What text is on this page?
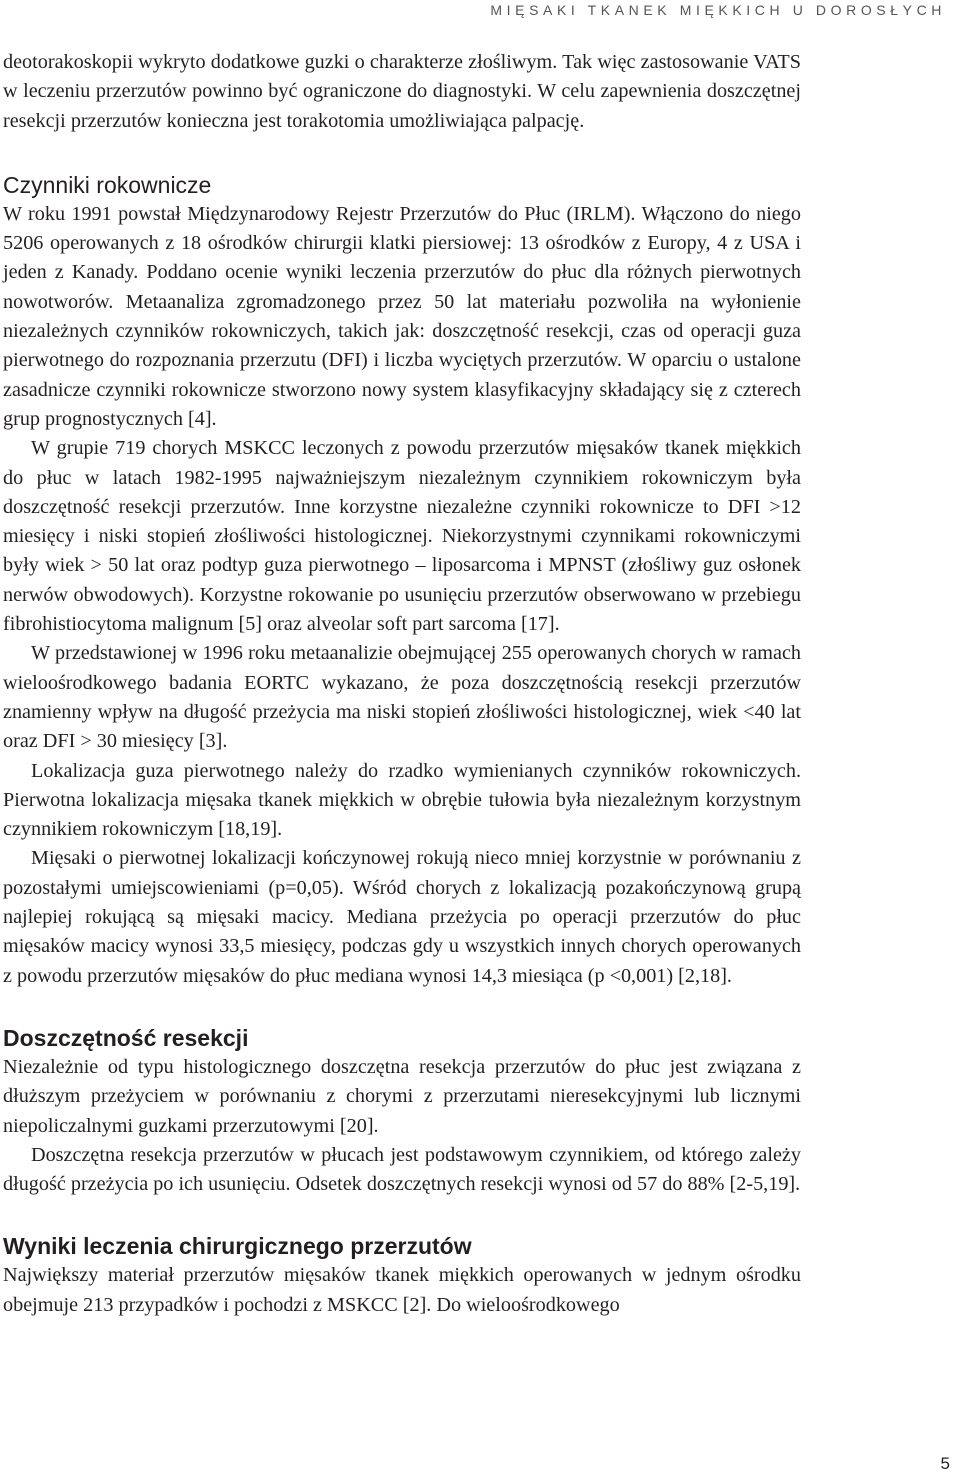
MIĘSAKI TKANEK MIĘKKICH U DOROSŁYCH

deotorakoskopii wykryto dodatkowe guzki o charakterze złośliwym. Tak więc zastosowanie VATS w leczeniu przerzutów powinno być ograniczone do diagnostyki. W celu zapewnienia doszczętnej resekcji przerzutów konieczna jest torakotomia umożliwiająca palpację.

Czynniki rokownicze

W roku 1991 powstał Międzynarodowy Rejestr Przerzutów do Płuc (IRLM). Włączono do niego 5206 operowanych z 18 ośrodków chirurgii klatki piersiowej: 13 ośrodków z Europy, 4 z USA i jeden z Kanady. Poddano ocenie wyniki leczenia przerzutów do płuc dla różnych pierwotnych nowotworów. Metaanaliza zgromadzonego przez 50 lat materiału pozwoliła na wyłonienie niezależnych czynników rokowniczych, takich jak: doszczętność resekcji, czas od operacji guza pierwotnego do rozpoznania przerzutu (DFI) i liczba wyciętych przerzutów. W oparciu o ustalone zasadnicze czynniki rokownicze stworzono nowy system klasyfikacyjny składający się z czterech grup prognostycznych [4].

W grupie 719 chorych MSKCC leczonych z powodu przerzutów mięsaków tkanek miękkich do płuc w latach 1982-1995 najważniejszym niezależnym czynnikiem rokowniczym była doszczętność resekcji przerzutów. Inne korzystne niezależne czynniki rokownicze to DFI >12 miesięcy i niski stopień złośliwości histologicznej. Niekorzystnymi czynnikami rokowniczymi były wiek > 50 lat oraz podtyp guza pierwotnego – liposarcoma i MPNST (złośliwy guz osłonek nerwów obwodowych). Korzystne rokowanie po usunięciu przerzutów obserwowano w przebiegu fibrohistiocytoma malignum [5] oraz alveolar soft part sarcoma [17].

W przedstawionej w 1996 roku metaanalizie obejmującej 255 operowanych chorych w ramach wieloośrodkowego badania EORTC wykazano, że poza doszczętnością resekcji przerzutów znamienny wpływ na długość przeżycia ma niski stopień złośliwości histologicznej, wiek <40 lat oraz DFI > 30 miesięcy [3].

Lokalizacja guza pierwotnego należy do rzadko wymienianych czynników rokowniczych. Pierwotna lokalizacja mięsaka tkanek miękkich w obrębie tułowia była niezależnym korzystnym czynnikiem rokowniczym [18,19].

Mięsaki o pierwotnej lokalizacji kończynowej rokują nieco mniej korzystnie w porównaniu z pozostałymi umiejscowieniami (p=0,05). Wśród chorych z lokalizacją pozakończynową grupą najlepiej rokującą są mięsaki macicy. Mediana przeżycia po operacji przerzutów do płuc mięsaków macicy wynosi 33,5 miesięcy, podczas gdy u wszystkich innych chorych operowanych z powodu przerzutów mięsaków do płuc mediana wynosi 14,3 miesiąca (p <0,001) [2,18].

Doszczętność resekcji

Niezależnie od typu histologicznego doszczętna resekcja przerzutów do płuc jest związana z dłuższym przeżyciem w porównaniu z chorymi z przerzutami nieresekcyjnymi lub licznymi niepoliczalnymi guzkami przerzutowymi [20].

Doszczętna resekcja przerzutów w płucach jest podstawowym czynnikiem, od którego zależy długość przeżycia po ich usunięciu. Odsetek doszczętnych resekcji wynosi od 57 do 88% [2-5,19].

Wyniki leczenia chirurgicznego przerzutów

Największy materiał przerzutów mięsaków tkanek miękkich operowanych w jednym ośrodku obejmuje 213 przypadków i pochodzi z MSKCC [2]. Do wieloośrodkowego

5
